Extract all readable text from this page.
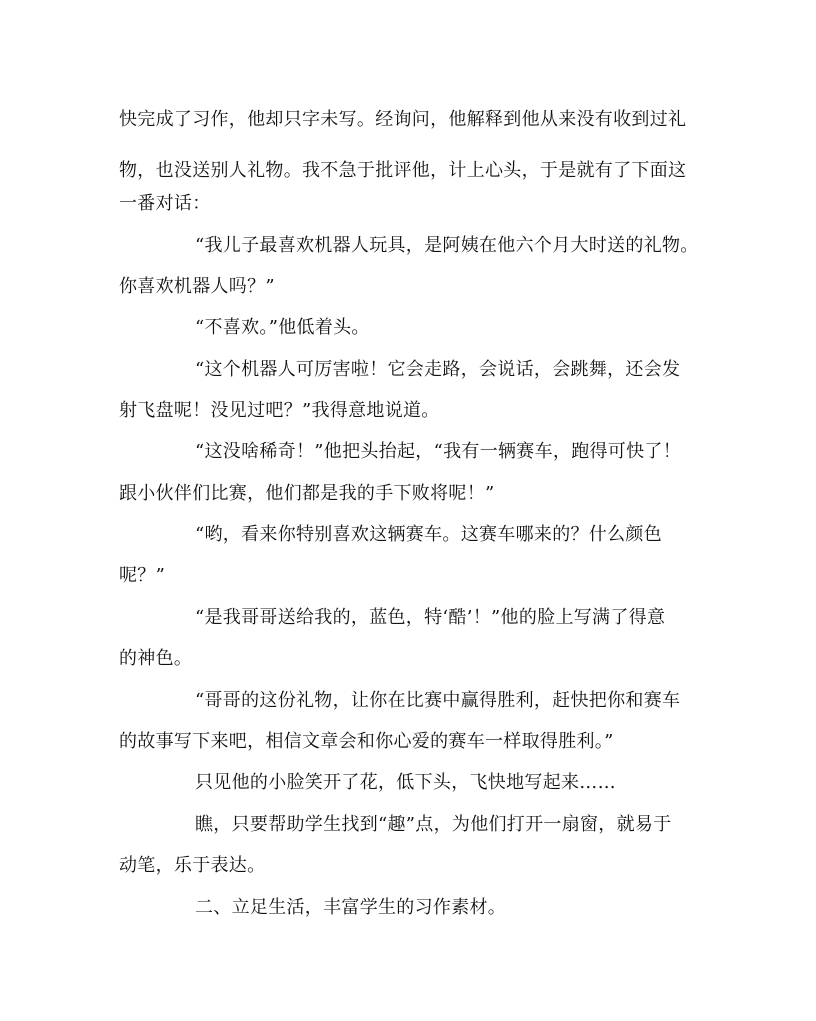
快完成了习作，他却只字未写。经询问，他解释到他从来没有收到过礼
物，也没送别人礼物。我不急于批评他，计上心头，于是就有了下面这
一番对话：
“我儿子最喜欢机器人玩具，是阿姨在他六个月大时送的礼物。
你喜欢机器人吗？”
“不喜欢。”他低着头。
“这个机器人可厉害啦！它会走路，会说话，会跳舞，还会发
射飞盘呢！没见过吧？”我得意地说道。
“这没啥稀奇！”他把头抬起，“我有一辆赛车，跑得可快了！
跟小伙伴们比赛，他们都是我的手下败将呢！”
“哟，看来你特别喜欢这辆赛车。这赛车哪来的？什么颜色
呢？”
“是我哥哥送给我的，蓝色，特‘酷’！”他的脸上写满了得意
的神色。
“哥哥的这份礼物，让你在比赛中赢得胜利，赶快把你和赛车
的故事写下来吧，相信文章会和你心爱的赛车一样取得胜利。”
只见他的小脸笑开了花，低下头，飞快地写起来……
瞧，只要帮助学生找到“趣”点，为他们打开一扇窗，就易于
动笔，乐于表达。
二、立足生活，丰富学生的习作素材。
